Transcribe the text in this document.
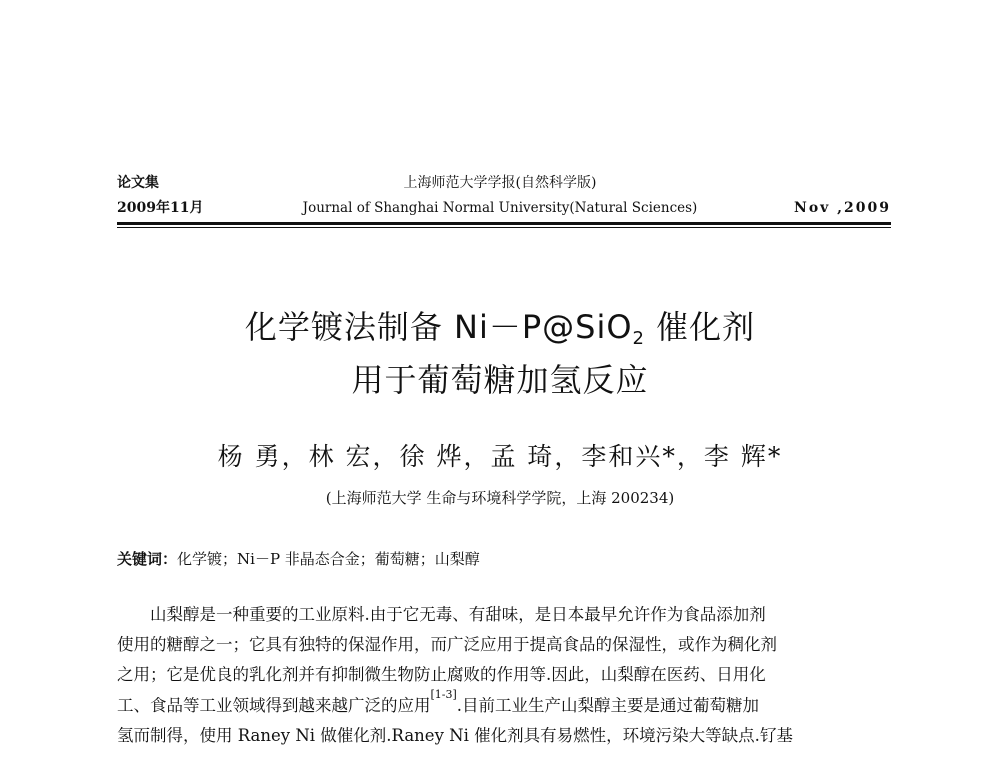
论文集	上海师范大学学报(自然科学版)
2009年11月	Journal of Shanghai Normal University(Natural Sciences)	Nov ,2009
化学镀法制备 Ni－P@SiO$_2$ 催化剂
用于葡萄糖加氢反应
杨 勇，林 宏，徐 烨，孟 琦，李和兴*，李 辉*
(上海师范大学 生命与环境科学学院，上海 200234)
关键词：化学镀；Ni－P 非晶态合金；葡萄糖；山梨醇
山梨醇是一种重要的工业原料.由于它无毒、有甜味，是日本最早允许作为食品添加剂
使用的糖醇之一；它具有独特的保湿作用，而广泛应用于提高食品的保湿性，或作为稠化剂
之用；它是优良的乳化剂并有抑制微生物防止腐败的作用等.因此，山梨醇在医药、日用化
工、食品等工业领域得到越来越广泛的应用[1-3].目前工业生产山梨醇主要是通过葡萄糖加
氢而制得，使用 Raney Ni 做催化剂.Raney Ni 催化剂具有易燃性，环境污染大等缺点.钌基
